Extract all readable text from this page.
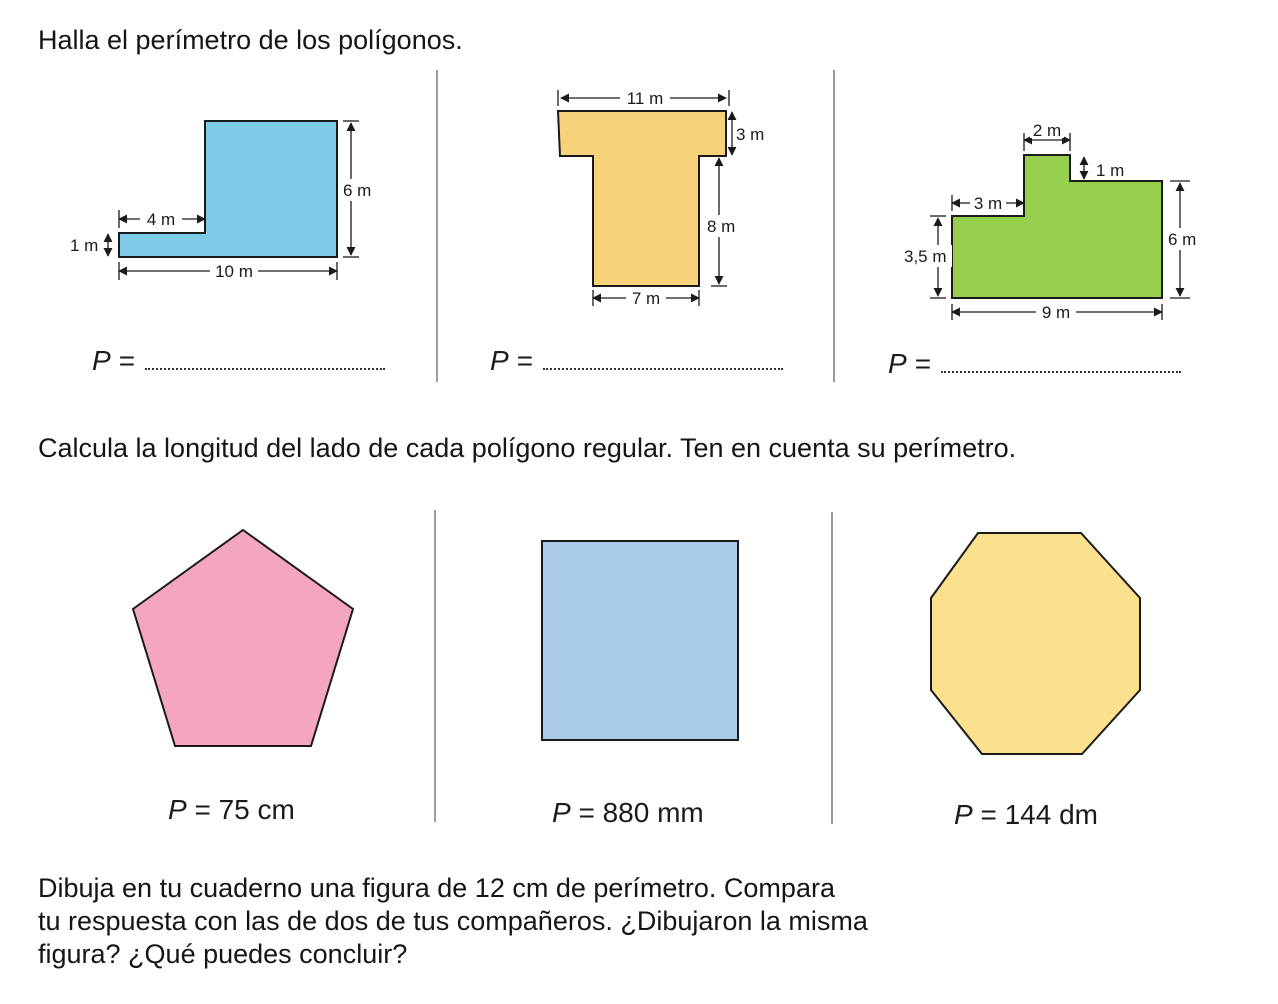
Halla el perímetro de los polígonos.
4 m
1 m
10 m
6 m
P =
11 m
3 m
8 m
7 m
P =
2 m
1 m
3 m
3,5 m
6 m
9 m
P =
Calcula la longitud del lado de cada polígono regular. Ten en cuenta su perímetro.
P = 75 cm	P = 880 mm	P = 144 dm

Dibuja en tu cuaderno una figura de 12 cm de perímetro. Compara
tu respuesta con las de dos de tus compañeros. ¿Dibujaron la misma
figura? ¿Qué puedes concluir?
